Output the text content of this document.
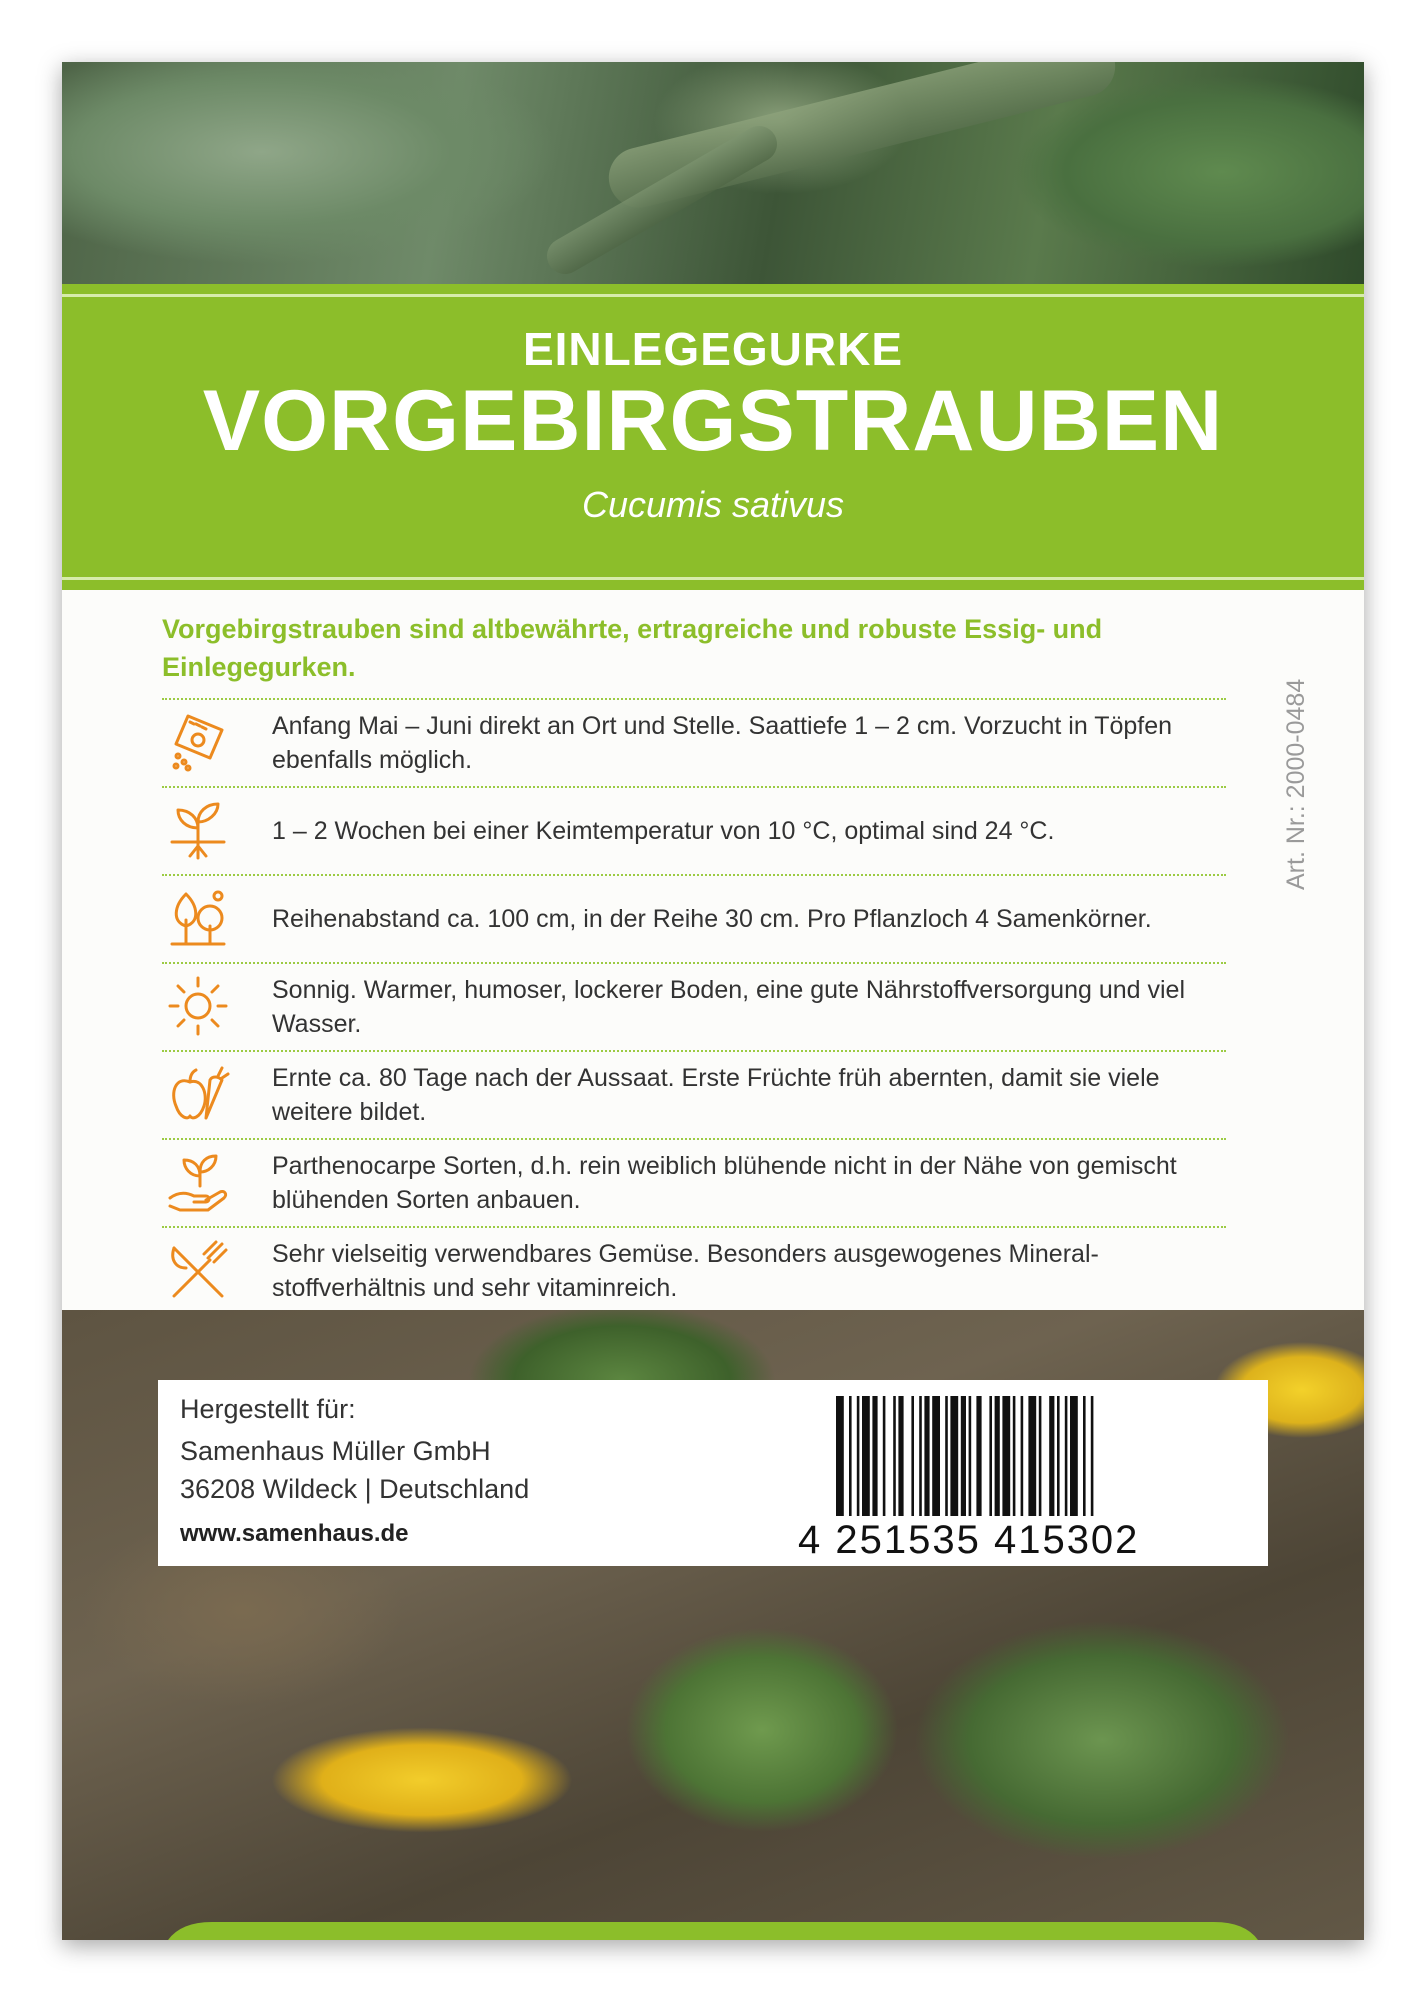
EINLEGEGURKE
VORGEBIRGSTRAUBEN
Cucumis sativus
Vorgebirgstrauben sind altbewährte, ertragreiche und robuste Essig- und Einlegegurken.
Anfang Mai – Juni direkt an Ort und Stelle. Saattiefe 1 – 2 cm. Vorzucht in Töpfen ebenfalls möglich.
1 – 2 Wochen bei einer Keimtemperatur von 10 °C, optimal sind 24 °C.
Reihenabstand ca. 100 cm, in der Reihe 30 cm. Pro Pflanzloch 4 Samenkörner.
Sonnig. Warmer, humoser, lockerer Boden, eine gute Nährstoffversorgung und viel Wasser.
Ernte ca. 80 Tage nach der Aussaat. Erste Früchte früh abernten, damit sie viele weitere bildet.
Parthenocarpe Sorten, d.h. rein weiblich blühende nicht in der Nähe von gemischt blühenden Sorten anbauen.
Sehr vielseitig verwendbares Gemüse. Besonders ausgewogenes Mineral-stoffverhältnis und sehr vitaminreich.
Art. Nr.: 2000-0484
Hergestellt für:
Samenhaus Müller GmbH
36208 Wildeck | Deutschland
www.samenhaus.de	4 251535 415302
